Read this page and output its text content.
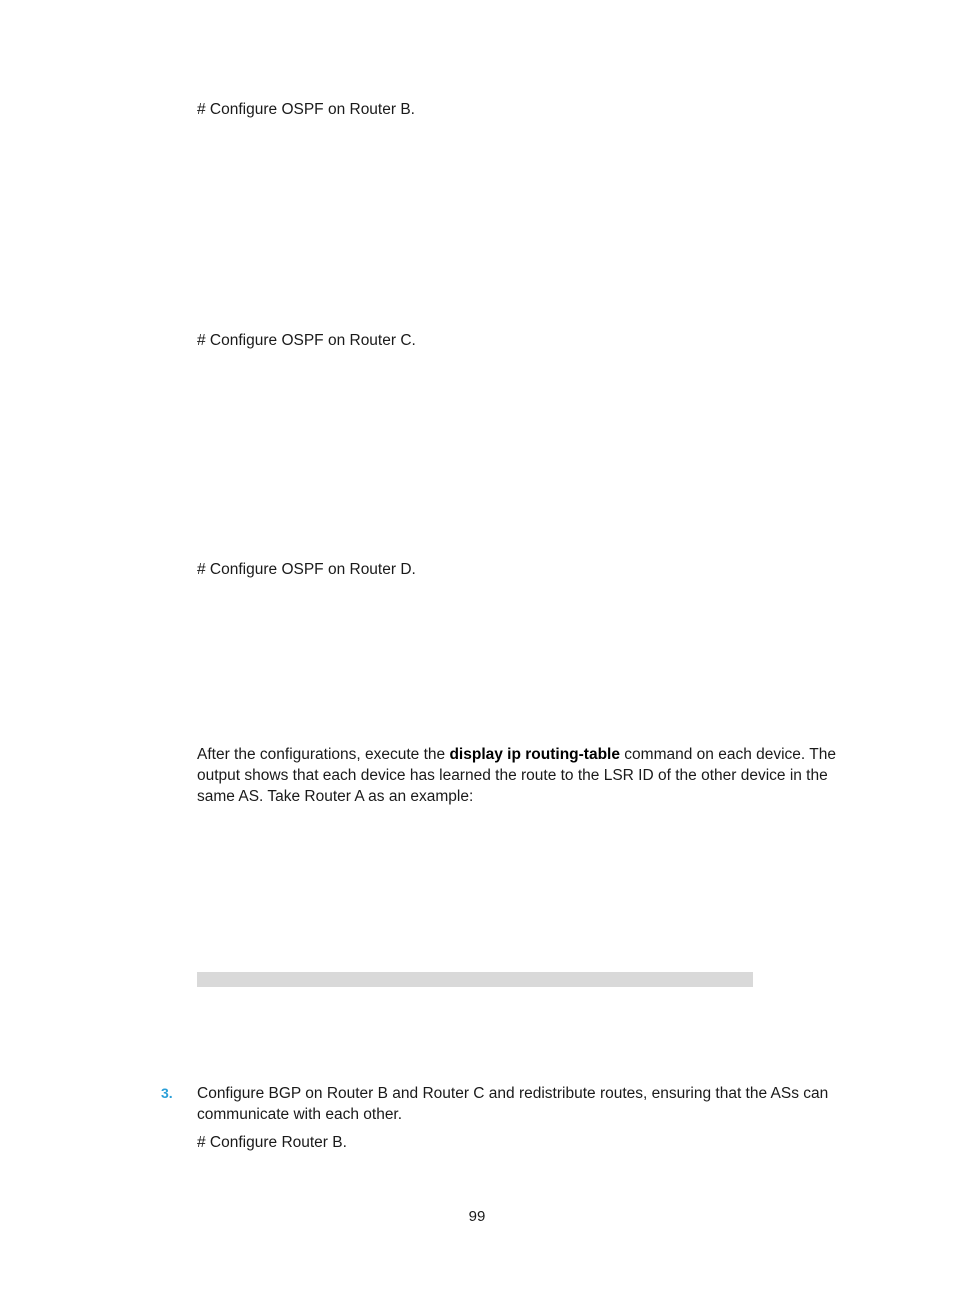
# Configure OSPF on Router B.
# Configure OSPF on Router C.
# Configure OSPF on Router D.
After the configurations, execute the display ip routing-table command on each device. The output shows that each device has learned the route to the LSR ID of the other device in the same AS. Take Router A as an example:
3. Configure BGP on Router B and Router C and redistribute routes, ensuring that the ASs can communicate with each other.
# Configure Router B.
99
